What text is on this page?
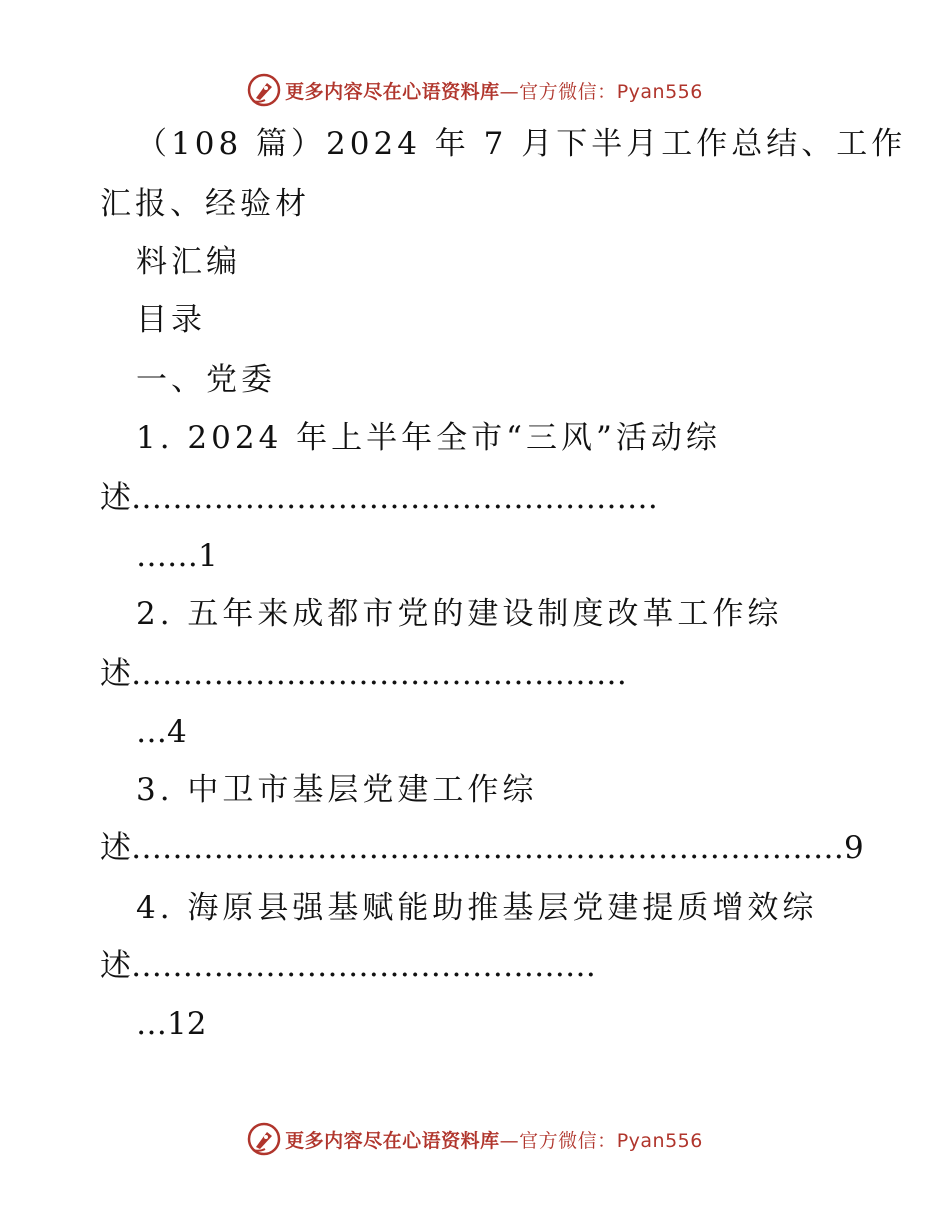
更多内容尽在心语资料库—官方微信：Pyan556
（108 篇）2024 年 7 月下半月工作总结、工作
汇报、经验材
料汇编
目录
一、党委
1. 2024 年上半年全市“三风”活动综
述……………………………………………
……1
2. 五年来成都市党的建设制度改革工作综
述…………………………………………
…4
3. 中卫市基层党建工作综
述……………………………………………………………9
4. 海原县强基赋能助推基层党建提质增效综
述………………………………………
…12
更多内容尽在心语资料库—官方微信：Pyan556
